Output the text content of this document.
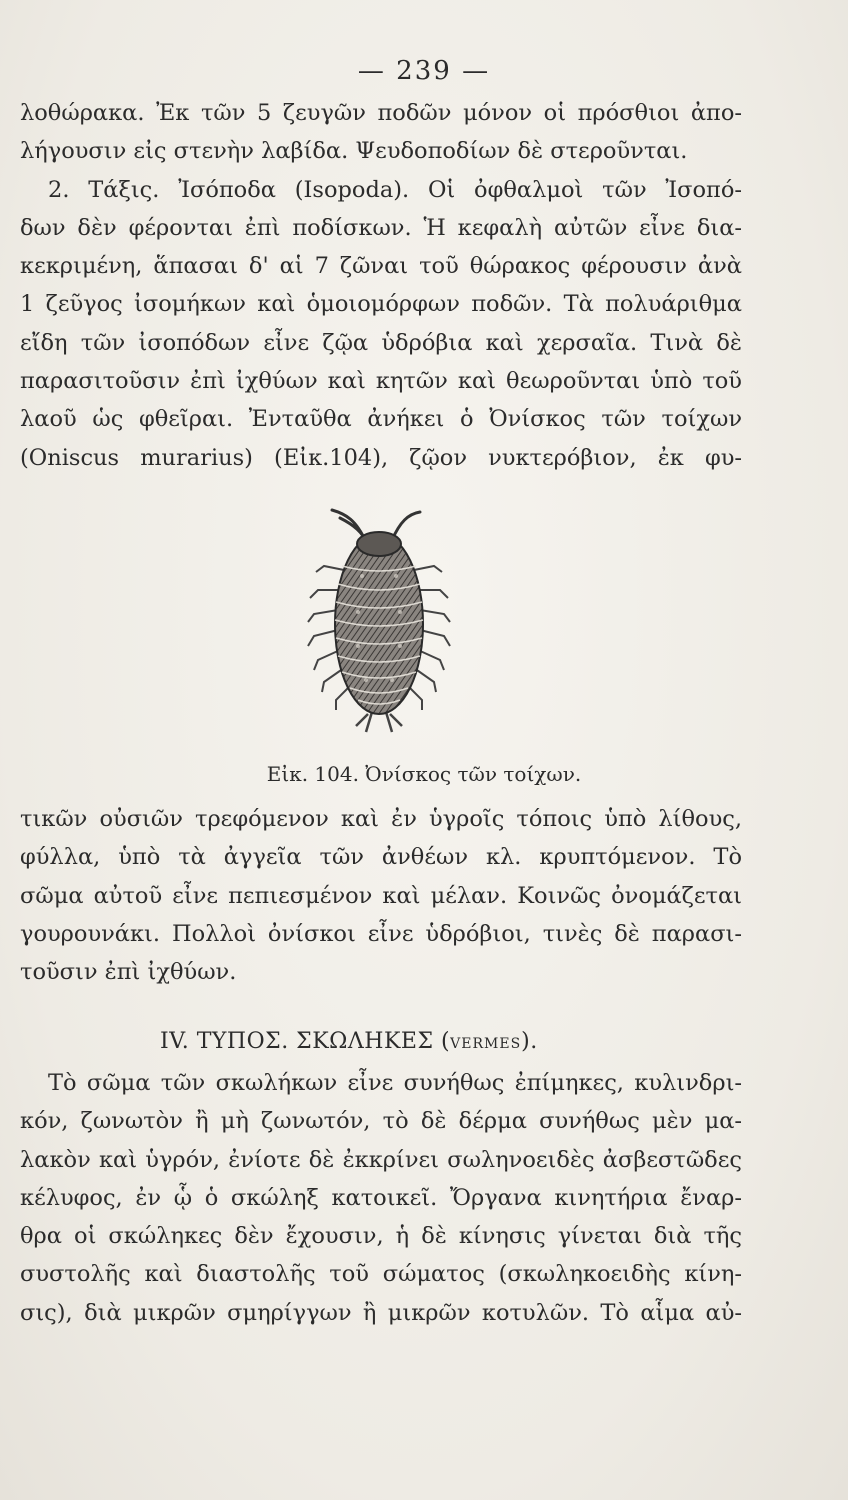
— 239 —
λοθώρακα. Ἐκ τῶν 5 ζευγῶν ποδῶν μόνον οἱ πρόσθιοι ἀπο-
λήγουσιν εἰς στενὴν λαβίδα. Ψευδοποδίων δὲ στεροῦνται.
2. Τάξις. Ἰσόποδα (Isopoda). Οἱ ὀφθαλμοὶ τῶν Ἰσοπό-
δων δὲν φέρονται ἐπὶ ποδίσκων. Ἡ κεφαλὴ αὐτῶν εἶνε δια-
κεκριμένη, ἅπασαι δ' αἱ 7 ζῶναι τοῦ θώρακος φέρουσιν ἀνὰ
1 ζεῦγος ἰσομήκων καὶ ὁμοιομόρφων ποδῶν. Τὰ πολυάριθμα
εἴδη τῶν ἰσοπόδων εἶνε ζῷα ὑδρόβια καὶ χερσαῖα. Τινὰ δὲ
παρασιτοῦσιν ἐπὶ ἰχθύων καὶ κητῶν καὶ θεωροῦνται ὑπὸ τοῦ
λαοῦ ὡς φθεῖραι. Ἐνταῦθα ἀνήκει ὁ Ὀνίσκος τῶν τοίχων
(Oniscus murarius) (Εἰκ.104), ζῷον νυκτερόβιον, ἐκ φυ-
Εἰκ. 104. Ὀνίσκος τῶν τοίχων.
τικῶν οὐσιῶν τρεφόμενον καὶ ἐν ὑγροῖς τόποις ὑπὸ λίθους,
φύλλα, ὑπὸ τὰ ἀγγεῖα τῶν ἀνθέων κλ. κρυπτόμενον. Τὸ
σῶμα αὐτοῦ εἶνε πεπιεσμένον καὶ μέλαν. Κοινῶς ὀνομάζεται
γουρουνάκι. Πολλοὶ ὀνίσκοι εἶνε ὑδρόβιοι, τινὲς δὲ παρασι-
τοῦσιν ἐπὶ ἰχθύων.
IV. ΤΥΠΟΣ. ΣΚΩΛΗΚΕΣ (VERMES).
Τὸ σῶμα τῶν σκωλήκων εἶνε συνήθως ἐπίμηκες, κυλινδρι-
κόν, ζωνωτὸν ἢ μὴ ζωνωτόν, τὸ δὲ δέρμα συνήθως μὲν μα-
λακὸν καὶ ὑγρόν, ἐνίοτε δὲ ἐκκρίνει σωληνοειδὲς ἀσβεστῶδες
κέλυφος, ἐν ᾧ ὁ σκώληξ κατοικεῖ. Ὄργανα κινητήρια ἔναρ-
θρα οἱ σκώληκες δὲν ἔχουσιν, ἡ δὲ κίνησις γίνεται διὰ τῆς
συστολῆς καὶ διαστολῆς τοῦ σώματος (σκωληκοειδὴς κίνη-
σις), διὰ μικρῶν σμηρίγγων ἢ μικρῶν κοτυλῶν. Τὸ αἷμα αὐ-
